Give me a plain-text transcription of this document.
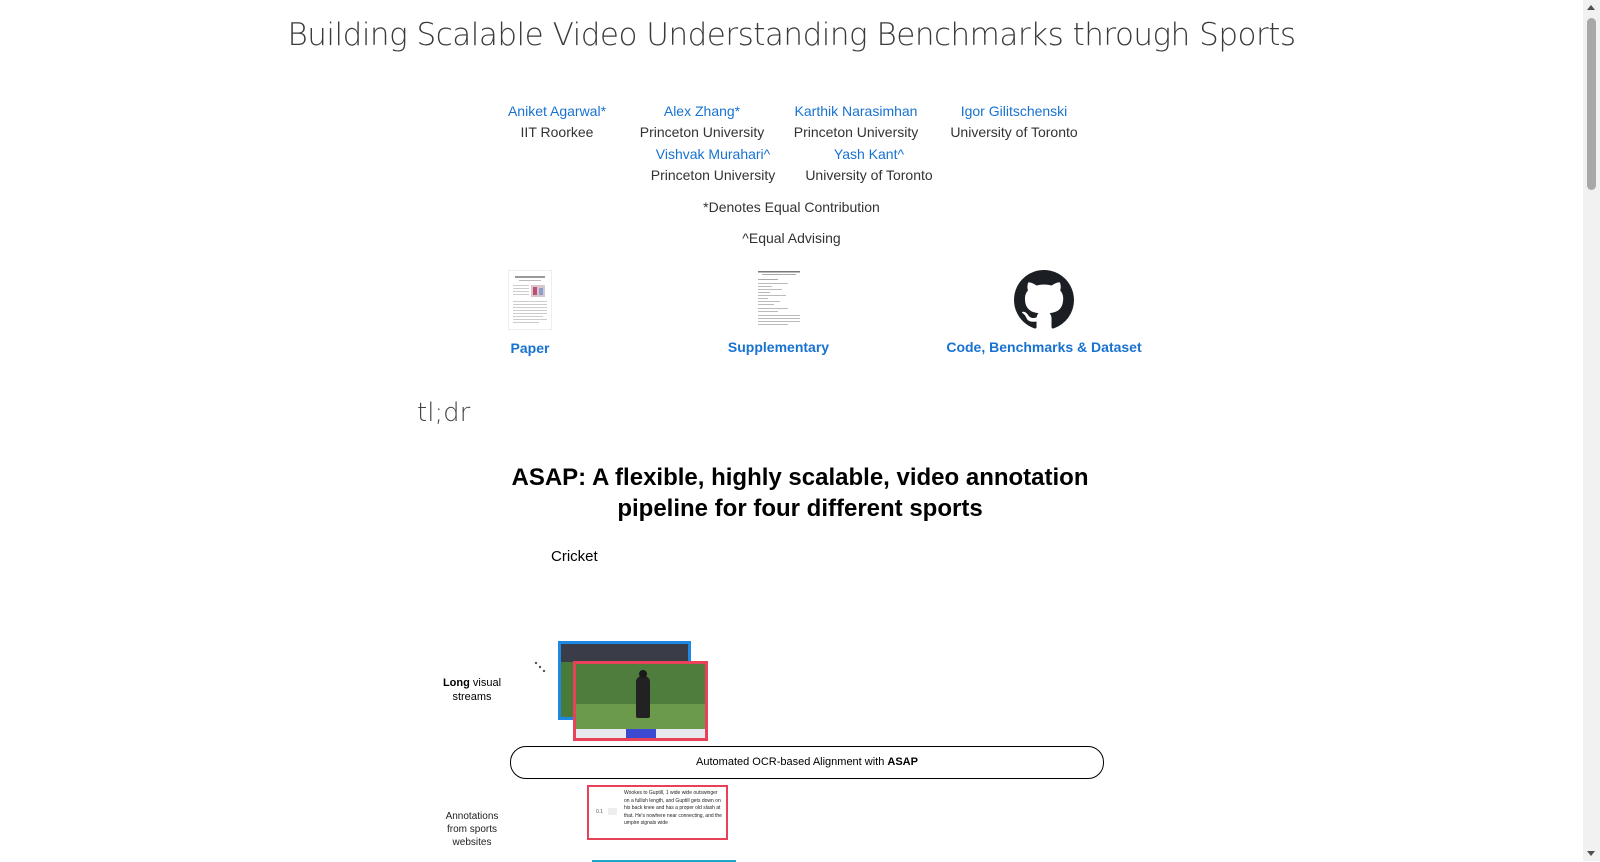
Building Scalable Video Understanding Benchmarks through Sports
Aniket Agarwal*
IIT Roorkee
Alex Zhang*
Princeton University
Karthik Narasimhan
Princeton University
Igor Gilitschenski
University of Toronto
Vishvak Murahari^
Princeton University
Yash Kant^
University of Toronto
*Denotes Equal Contribution
^Equal Advising
Paper	Supplementary	Code, Benchmarks & Dataset
tl;dr
ASAP: A flexible, highly scalable, video annotation pipeline for four different sports
Cricket
Long visual streams
Automated OCR-based Alignment with ASAP
Annotations from sports websites
0.1
Wookes to Guptill, 1 wide wide outswinger on a fullish length, and Guptill gets down on his back knee and has a proper old slash at that. He's nowhere near connecting, and the umpire signals wide
